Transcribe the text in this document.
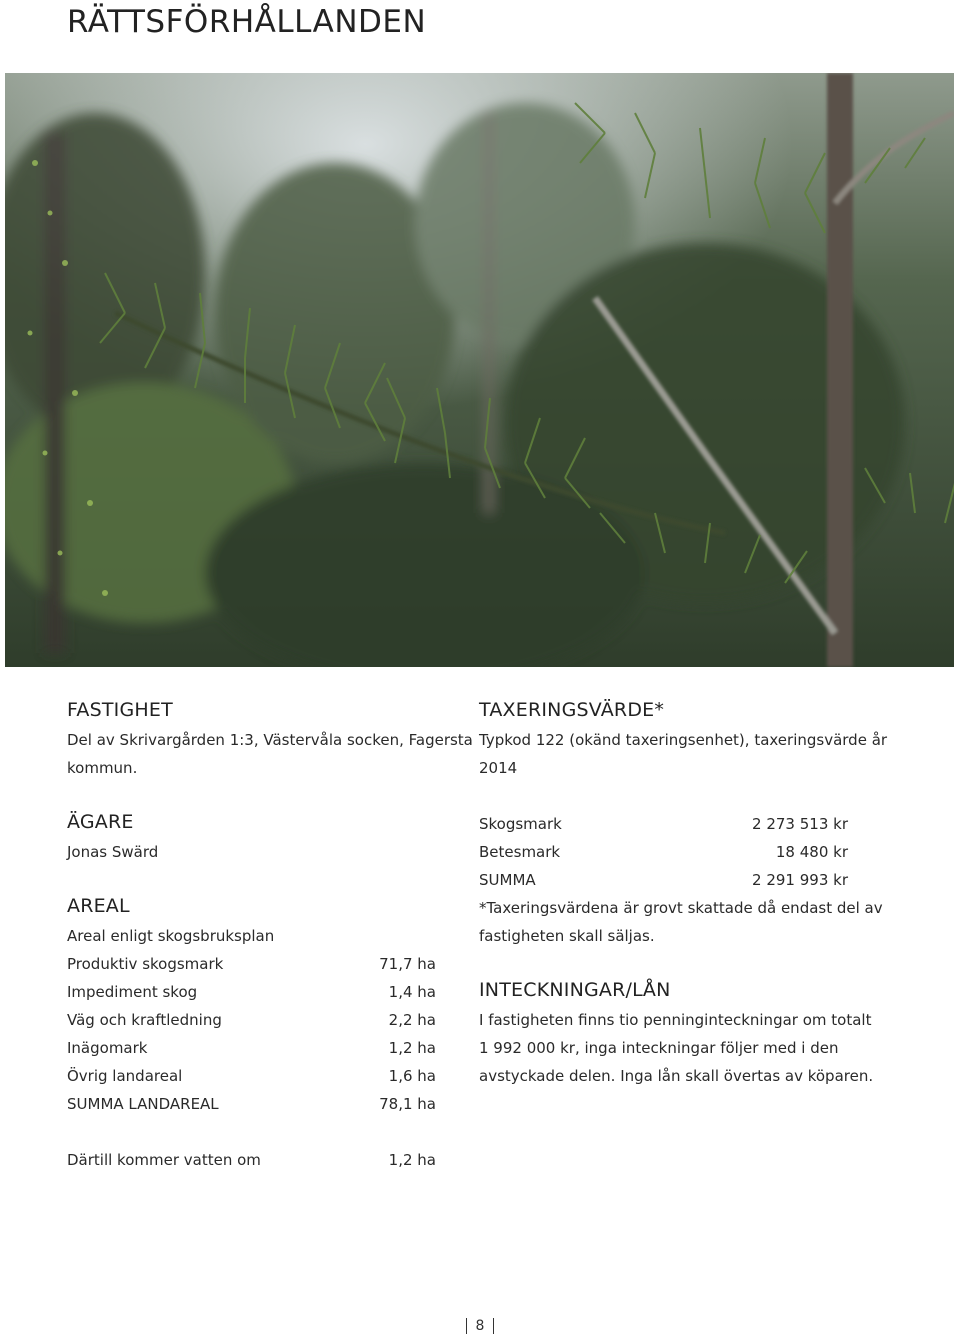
RÄTTSFÖRHÅLLANDEN
FASTIGHET

Del av Skrivargården 1:3, Västervåla socken, Fagersta

kommun.

ÄGARE

Jonas Swärd

AREAL

Areal enligt skogsbruksplan

Produktiv skogsmark	71,7 ha
Impediment skog	1,4 ha
Väg och kraftledning	2,2 ha
Inägomark	1,2 ha
Övrig landareal	1,6 ha
SUMMA LANDAREAL	78,1 ha
Därtill kommer vatten om	1,2 ha
TAXERINGSVÄRDE*

Typkod 122 (okänd taxeringsenhet), taxeringsvärde år

2014

Skogsmark	2 273 513 kr
Betesmark	18 480 kr
SUMMA	2 291 993 kr

*Taxeringsvärdena är grovt skattade då endast del av

fastigheten skall säljas.

INTECKNINGAR/LÅN

I fastigheten finns tio penninginteckningar om totalt

1 992 000 kr, inga inteckningar följer med i den

avstyckade delen. Inga lån skall övertas av köparen.

8
